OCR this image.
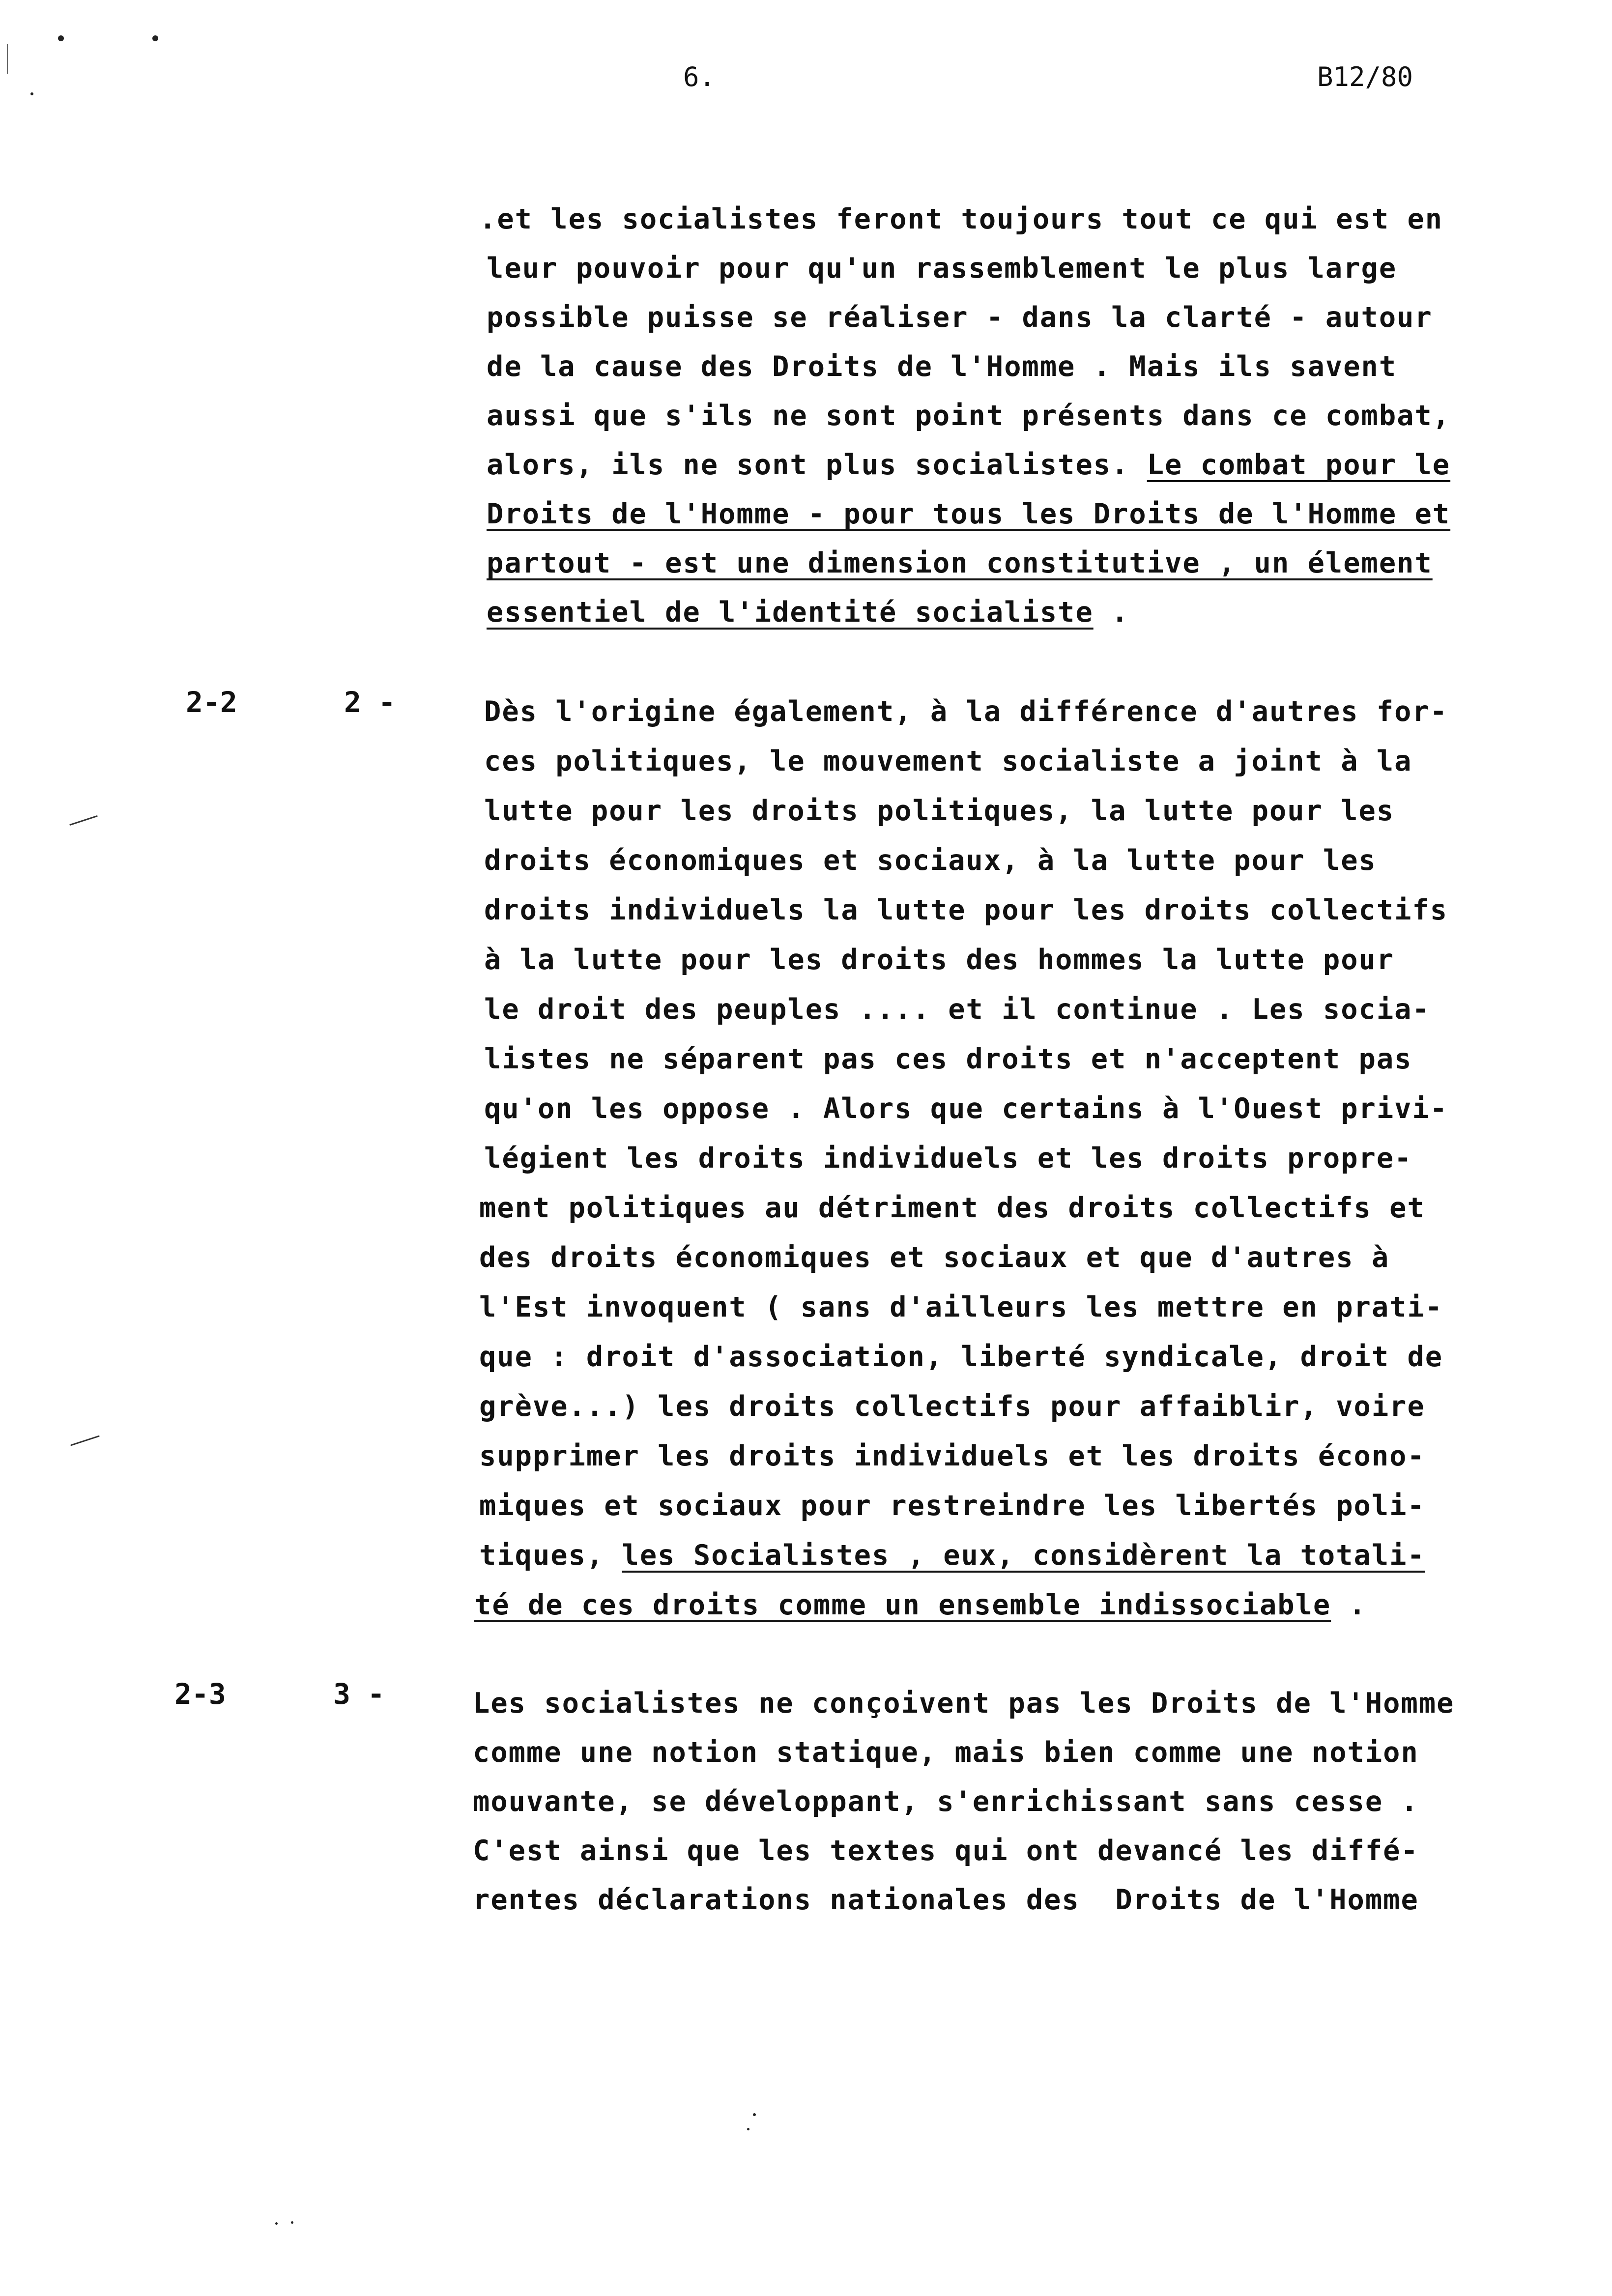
6.	B12/80
.et les socialistes feront toujours tout ce qui est en
leur pouvoir pour qu'un rassemblement le plus large
possible puisse se réaliser - dans la clarté - autour
de la cause des Droits de l'Homme . Mais ils savent
aussi que s'ils ne sont point présents dans ce combat,
alors, ils ne sont plus socialistes. Le combat pour le
Droits de l'Homme - pour tous les Droits de l'Homme et
partout - est une dimension constitutive , un élement
essentiel de l'identité socialiste .
2-2	2 -	Dès l'origine également, à la différence d'autres for-
ces politiques, le mouvement socialiste a joint à la
lutte pour les droits politiques, la lutte pour les
droits économiques et sociaux, à la lutte pour les
droits individuels la lutte pour les droits collectifs
à la lutte pour les droits des hommes la lutte pour
le droit des peuples .... et il continue . Les socia-
listes ne séparent pas ces droits et n'acceptent pas
qu'on les oppose . Alors que certains à l'Ouest privi-
légient les droits individuels et les droits propre-
ment politiques au détriment des droits collectifs et
des droits économiques et sociaux et que d'autres à
l'Est invoquent ( sans d'ailleurs les mettre en prati-
que : droit d'association, liberté syndicale, droit de
grève...) les droits collectifs pour affaiblir, voire
supprimer les droits individuels et les droits écono-
miques et sociaux pour restreindre les libertés poli-
tiques, les Socialistes , eux, considèrent la totali-
té de ces droits comme un ensemble indissociable .
2-3	3 -	Les socialistes ne conçoivent pas les Droits de l'Homme
comme une notion statique, mais bien comme une notion
mouvante, se développant, s'enrichissant sans cesse .
C'est ainsi que les textes qui ont devancé les diffé-
rentes déclarations nationales des  Droits de l'Homme
